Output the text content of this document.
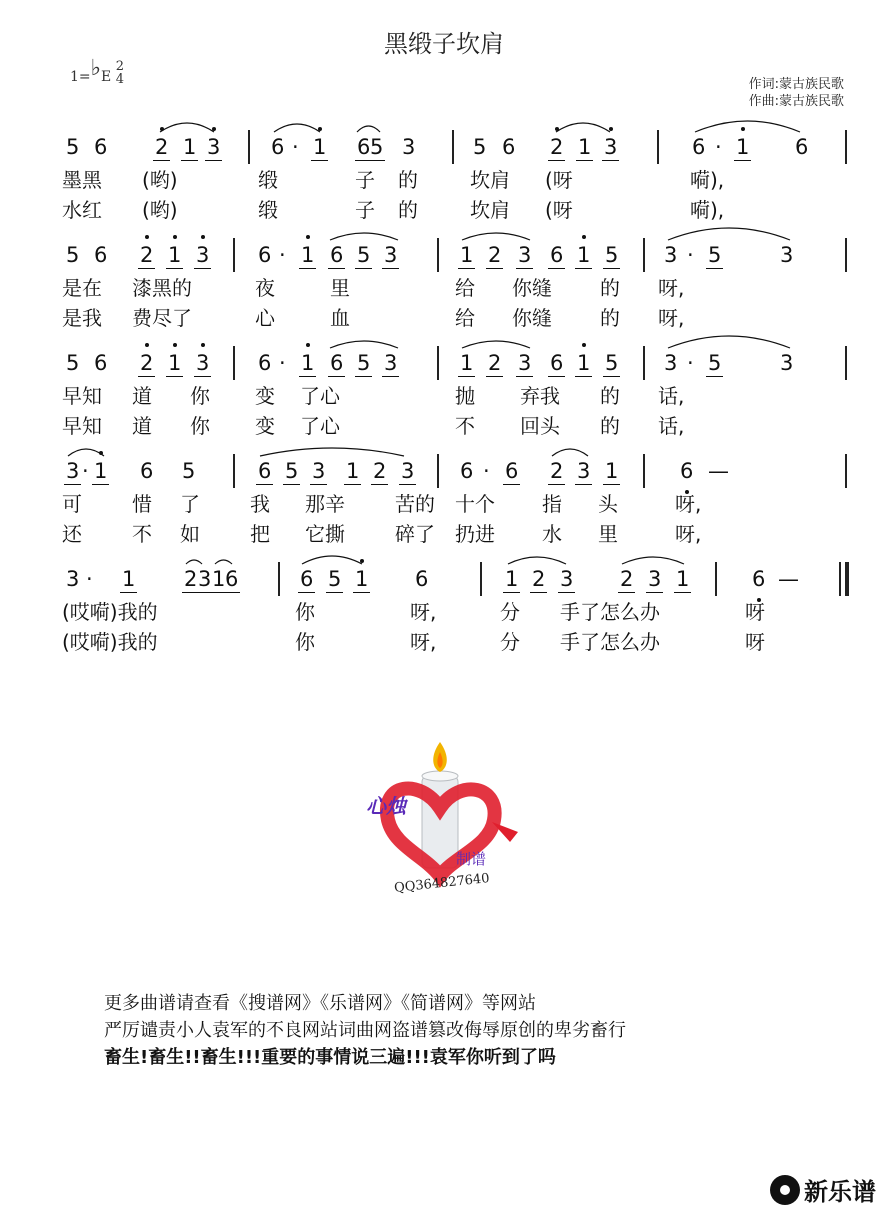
黑缎子坎肩
1=♭E 2
4	作词:蒙古族民歌
作曲:蒙古族民歌
5 6 2 1 3 6 · 1 6 5 3	5 6 2 1 3	6 · 1 6
墨黑 (哟)	缎	子 的	坎肩 (呀	嗬),
水红 (哟)	缎	子 的	坎肩 (呀	嗬),
5 6 2 1 3 6 · 1 6 5 3	1 2 3 6 1 5 3 · 5	3
是在 漆黑的	夜	里	给 你缝 的 呀,
是我 费尽了	心	血	给 你缝 的 呀,
5 6 2 1 3 6 · 1 6 5 3	1 2 3 6 1 5 3 · 5	3
早知 道 你 变 了心	抛 弃我 的 话,
早知 道 你 变 了心	不 回头 的 话,
3 · 1 6 5	6 5 3 1 2 3 6 · 6 2 3 1	6 —
可	惜 了	我 那辛	苦的 十个 指 头	呀,
还	不 如	把 它撕	碎了 扔进 水 里	呀,
3 · 1 2 3 1 6	6 5 1 6	1 2 3 2 3 1	6 —
(哎嗬)我的	你	呀,	分 手了怎么办	呀
(哎嗬)我的	你	呀,	分 手了怎么办	呀
心烛
制谱
QQ364827640
更多曲谱请查看《搜谱网》《乐谱网》《简谱网》等网站
严厉谴责小人袁军的不良网站词曲网盗谱篡改侮辱原创的卑劣畜行
畜生!畜生!!畜生!!!重要的事情说三遍!!!袁军你听到了吗
新乐谱
